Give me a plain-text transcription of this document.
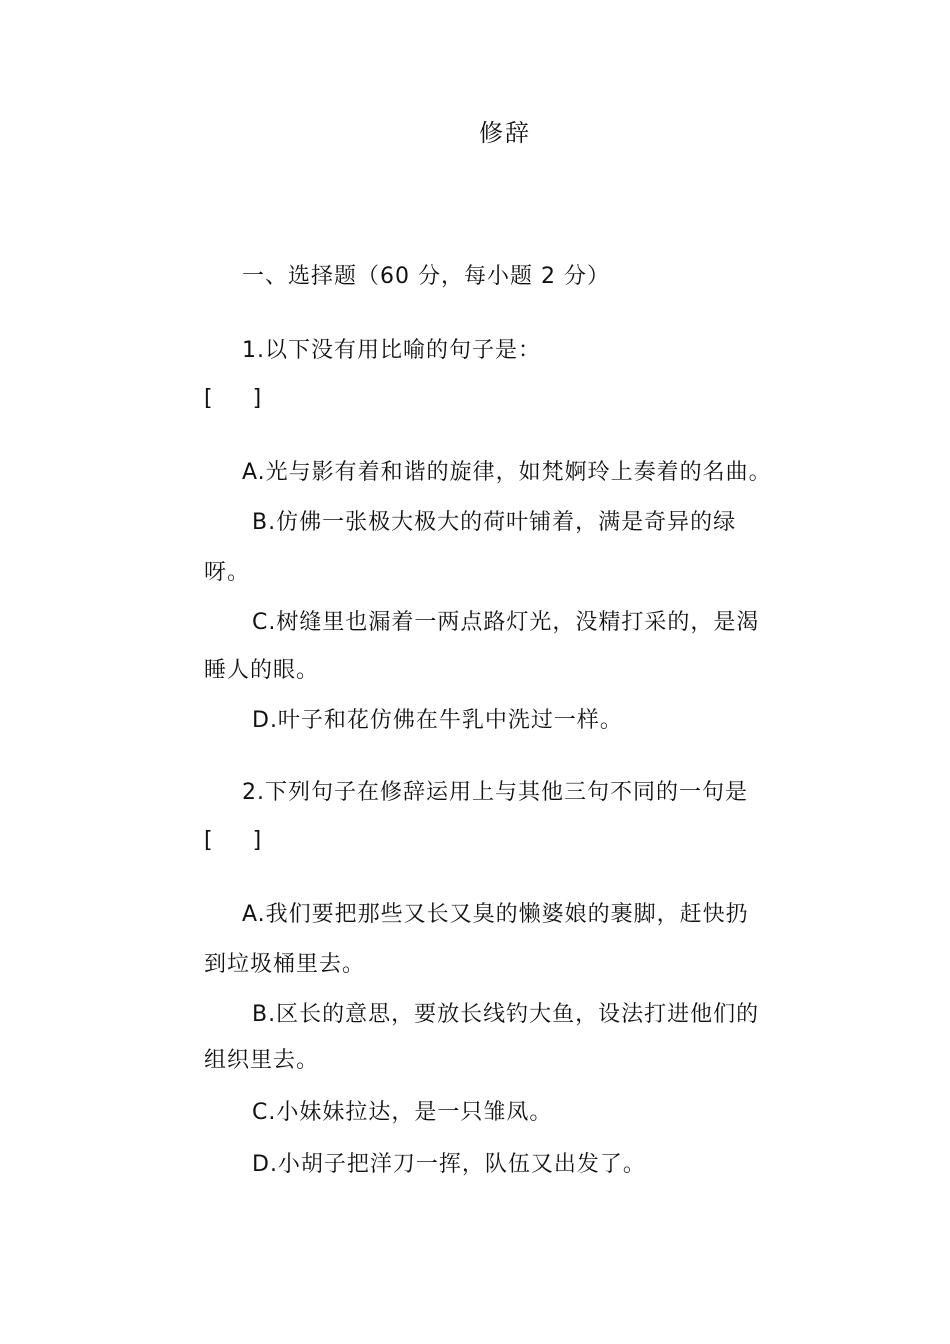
修辞
一、选择题（60 分，每小题 2 分）
1.以下没有用比喻的句子是：
[ ]
A.光与影有着和谐的旋律，如梵婀玲上奏着的名曲。
B.仿佛一张极大极大的荷叶铺着，满是奇异的绿
呀。
C.树缝里也漏着一两点路灯光，没精打采的，是渴
睡人的眼。
D.叶子和花仿佛在牛乳中洗过一样。
2.下列句子在修辞运用上与其他三句不同的一句是
[ ]
A.我们要把那些又长又臭的懒婆娘的裹脚，赶快扔
到垃圾桶里去。
B.区长的意思，要放长线钓大鱼，设法打进他们的
组织里去。
C.小妹妹拉达，是一只雏凤。
D.小胡子把洋刀一挥，队伍又出发了。
